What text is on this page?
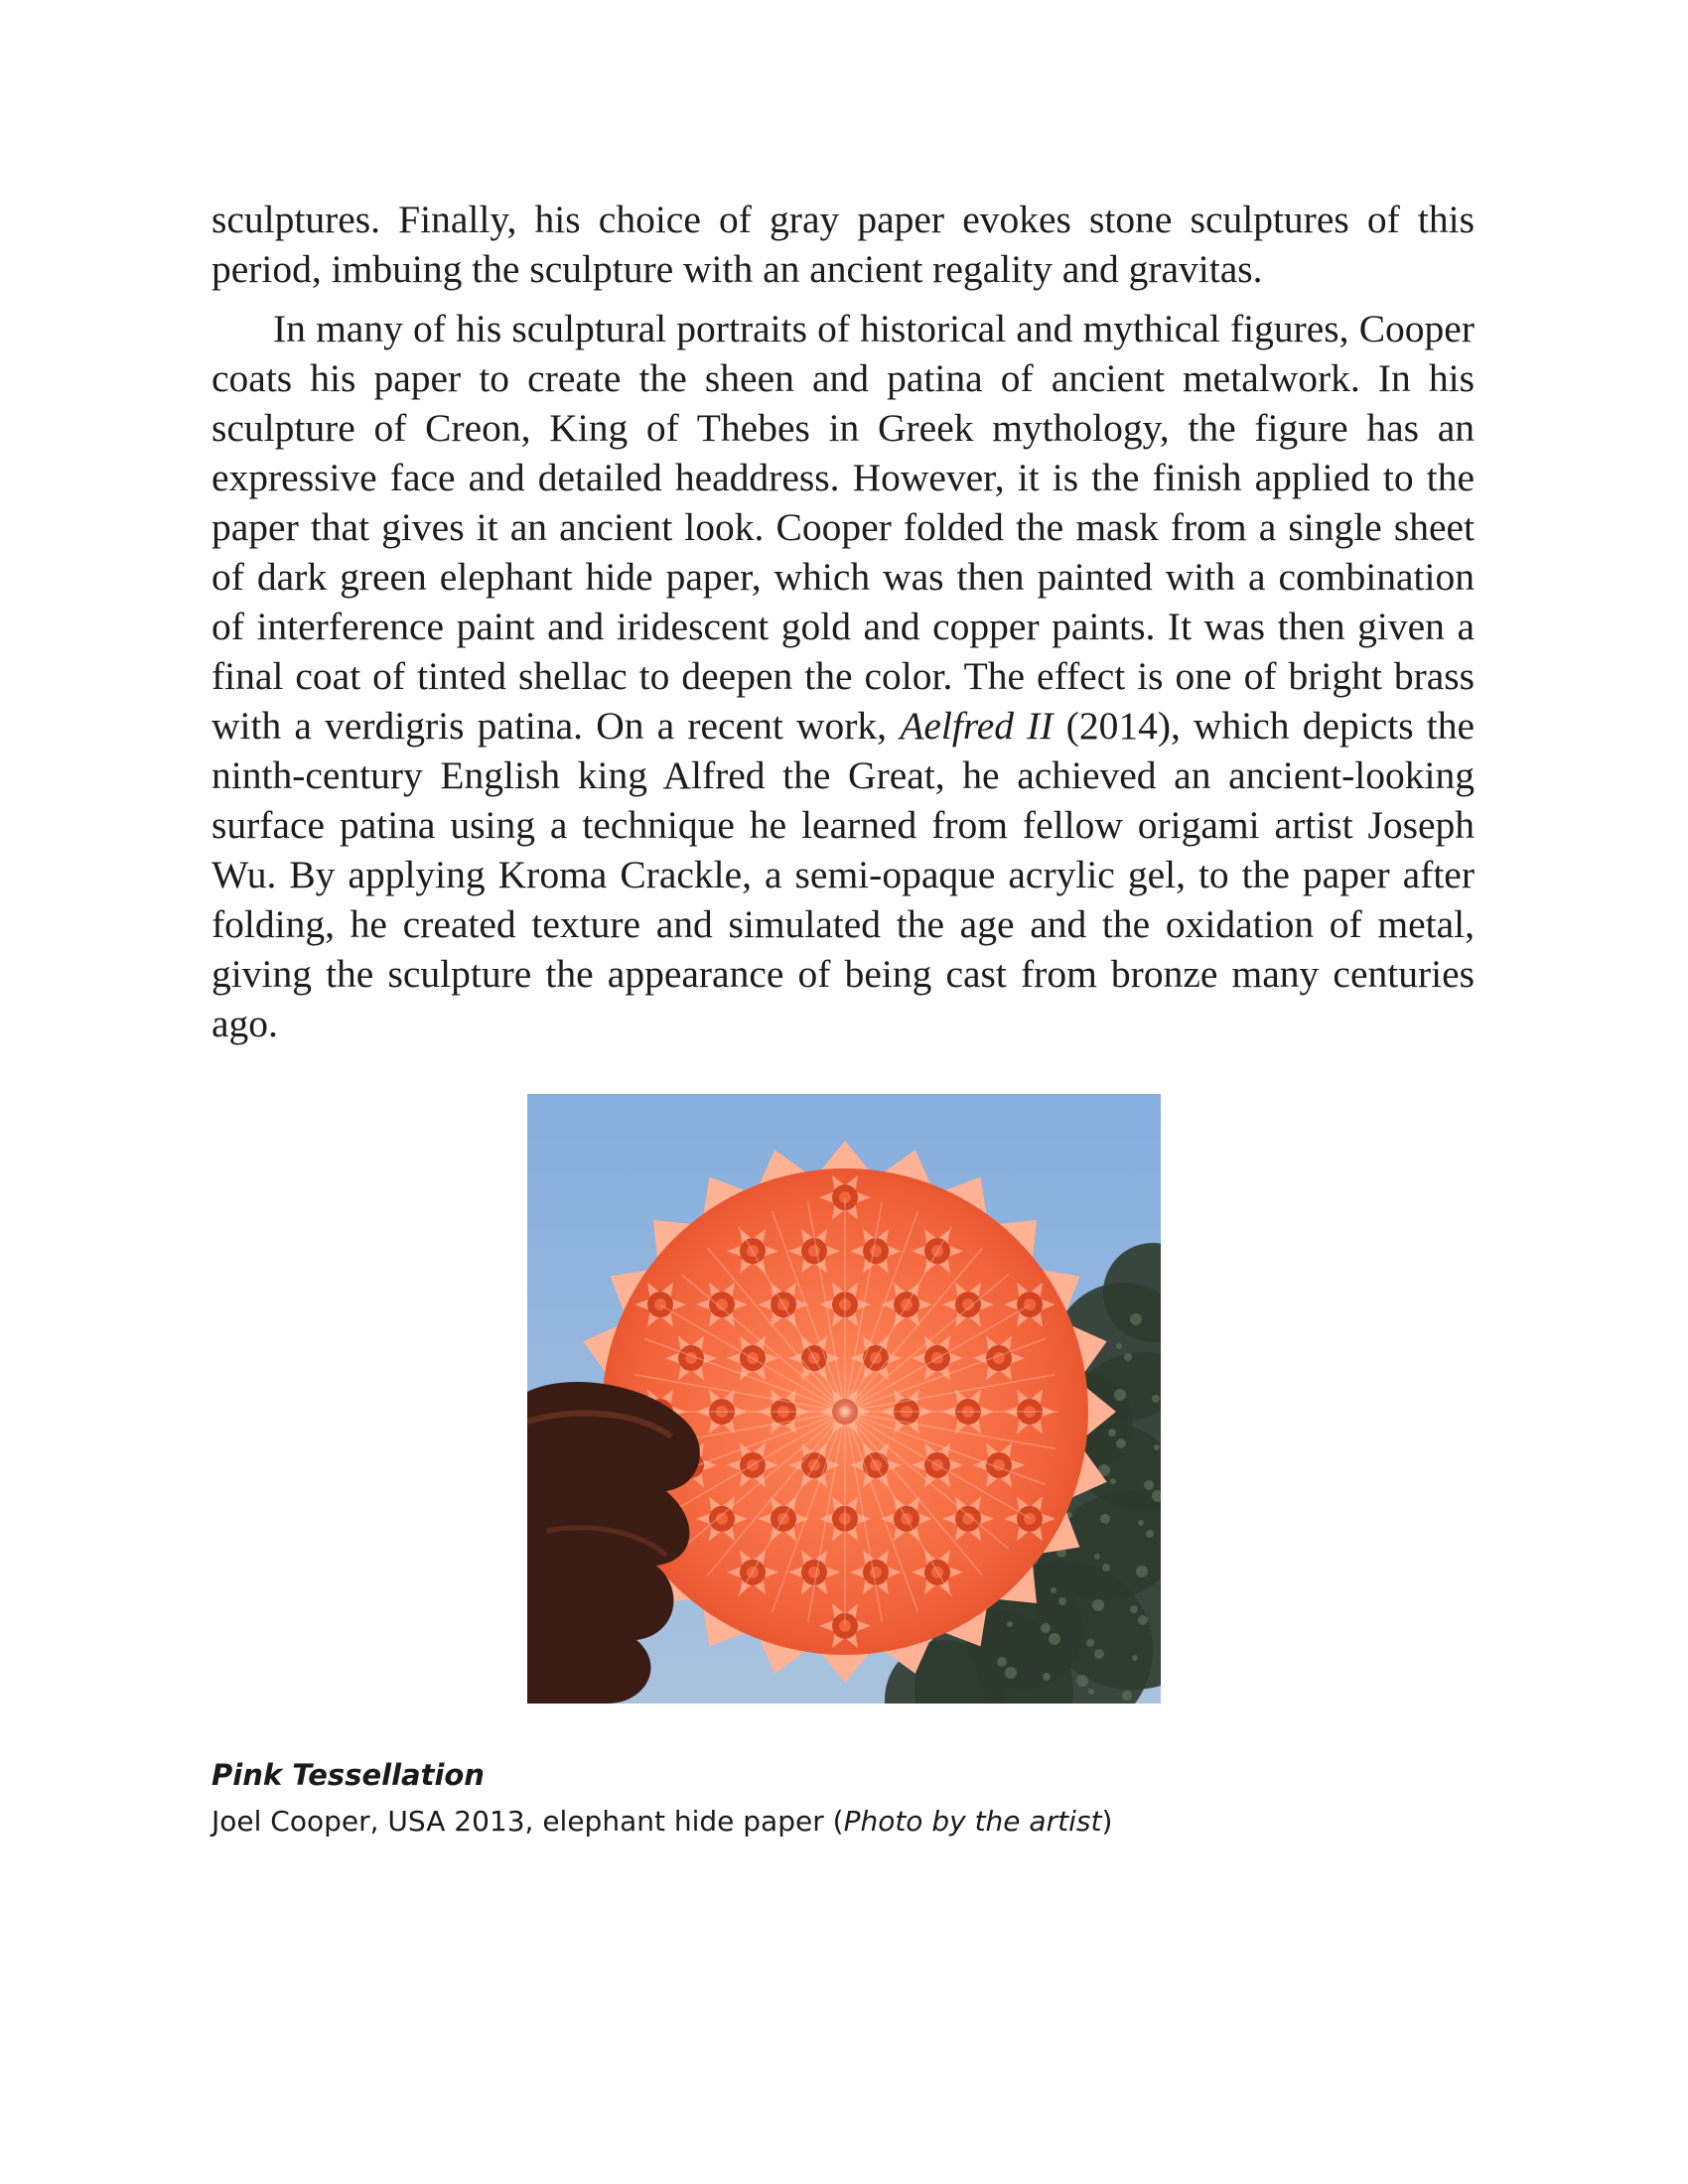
sculptures. Finally, his choice of gray paper evokes stone sculptures of this period, imbuing the sculpture with an ancient regality and gravitas.

In many of his sculptural portraits of historical and mythical figures, Cooper coats his paper to create the sheen and patina of ancient metalwork. In his sculpture of Creon, King of Thebes in Greek mythology, the figure has an expressive face and detailed headdress. However, it is the finish applied to the paper that gives it an ancient look. Cooper folded the mask from a single sheet of dark green elephant hide paper, which was then painted with a combination of interference paint and iridescent gold and copper paints. It was then given a final coat of tinted shellac to deepen the color. The effect is one of bright brass with a verdigris patina. On a recent work, Aelfred II (2014), which depicts the ninth-century English king Alfred the Great, he achieved an ancient-looking surface patina using a technique he learned from fellow origami artist Joseph Wu. By applying Kroma Crackle, a semi-opaque acrylic gel, to the paper after folding, he created texture and simulated the age and the oxidation of metal, giving the sculpture the appearance of being cast from bronze many centuries ago.

Pink Tessellation

Joel Cooper, USA 2013, elephant hide paper (Photo by the artist)
